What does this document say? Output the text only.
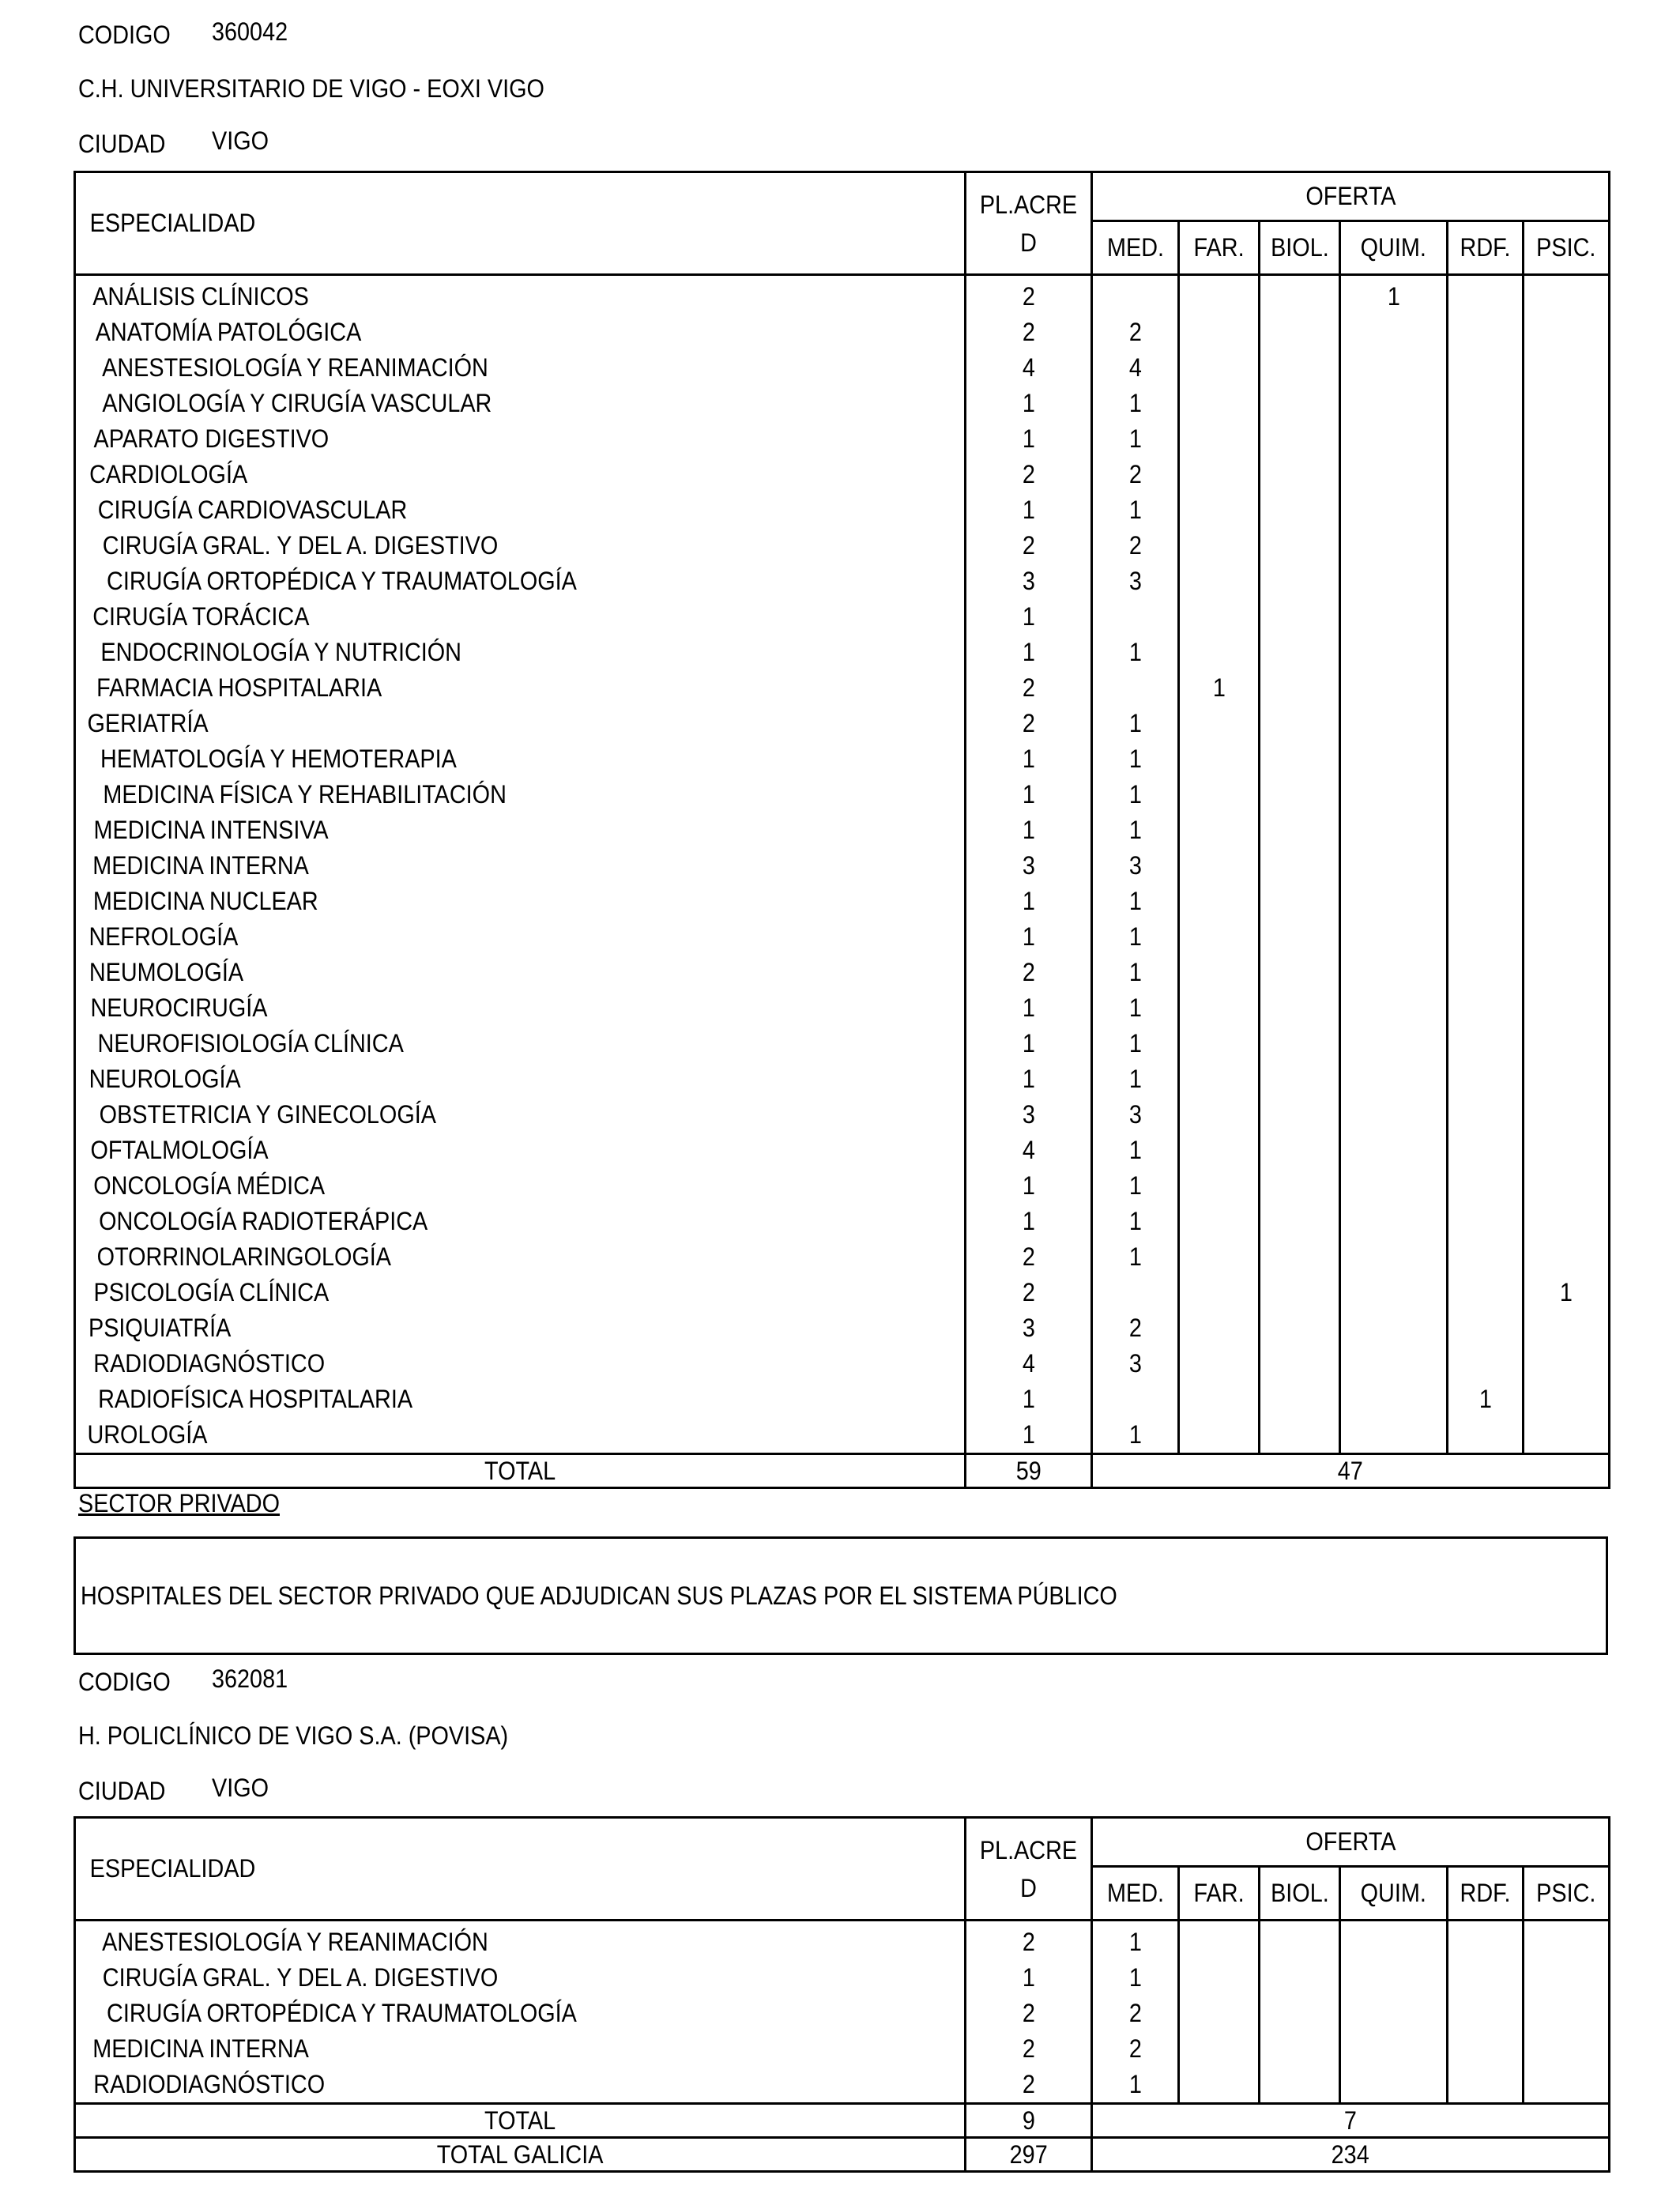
CODIGO 360042
C.H. UNIVERSITARIO DE VIGO - EOXI VIGO
CIUDAD VIGO
ESPECIALIDAD	PL.ACRE
D	OFERTA					
		MED.	FAR.	BIOL.	QUIM.	RDF.	PSIC.
ANÁLISIS CLÍNICOS	2				1		
ANATOMÍA PATOLÓGICA	2	2					
ANESTESIOLOGÍA Y REANIMACIÓN	4	4					
ANGIOLOGÍA Y CIRUGÍA VASCULAR	1	1					
APARATO DIGESTIVO	1	1					
CARDIOLOGÍA	2	2					
CIRUGÍA CARDIOVASCULAR	1	1					
CIRUGÍA GRAL. Y DEL A. DIGESTIVO	2	2					
CIRUGÍA ORTOPÉDICA Y TRAUMATOLOGÍA	3	3					
CIRUGÍA TORÁCICA	1						
ENDOCRINOLOGÍA Y NUTRICIÓN	1	1					
FARMACIA HOSPITALARIA	2		1				
GERIATRÍA	2	1					
HEMATOLOGÍA Y HEMOTERAPIA	1	1					
MEDICINA FÍSICA Y REHABILITACIÓN	1	1					
MEDICINA INTENSIVA	1	1					
MEDICINA INTERNA	3	3					
MEDICINA NUCLEAR	1	1					
NEFROLOGÍA	1	1					
NEUMOLOGÍA	2	1					
NEUROCIRUGÍA	1	1					
NEUROFISIOLOGÍA CLÍNICA	1	1					
NEUROLOGÍA	1	1					
OBSTETRICIA Y GINECOLOGÍA	3	3					
OFTALMOLOGÍA	4	1					
ONCOLOGÍA MÉDICA	1	1					
ONCOLOGÍA RADIOTERÁPICA	1	1					
OTORRINOLARINGOLOGÍA	2	1					
PSICOLOGÍA CLÍNICA	2						1
PSIQUIATRÍA	3	2					
RADIODIAGNÓSTICO	4	3					
RADIOFÍSICA HOSPITALARIA	1					1	
UROLOGÍA	1	1					
TOTAL	59	47					
SECTOR PRIVADO
HOSPITALES DEL SECTOR PRIVADO QUE ADJUDICAN SUS PLAZAS POR EL SISTEMA PÚBLICO
CODIGO 362081
H. POLICLÍNICO DE VIGO S.A. (POVISA)
CIUDAD VIGO
ESPECIALIDAD	PL.ACRE
D	OFERTA					
		MED.	FAR.	BIOL.	QUIM.	RDF.	PSIC.
ANESTESIOLOGÍA Y REANIMACIÓN	2	1					
CIRUGÍA GRAL. Y DEL A. DIGESTIVO	1	1					
CIRUGÍA ORTOPÉDICA Y TRAUMATOLOGÍA	2	2					
MEDICINA INTERNA	2	2					
RADIODIAGNÓSTICO	2	1					
TOTAL	9	7					
TOTAL GALICIA	297	234					
